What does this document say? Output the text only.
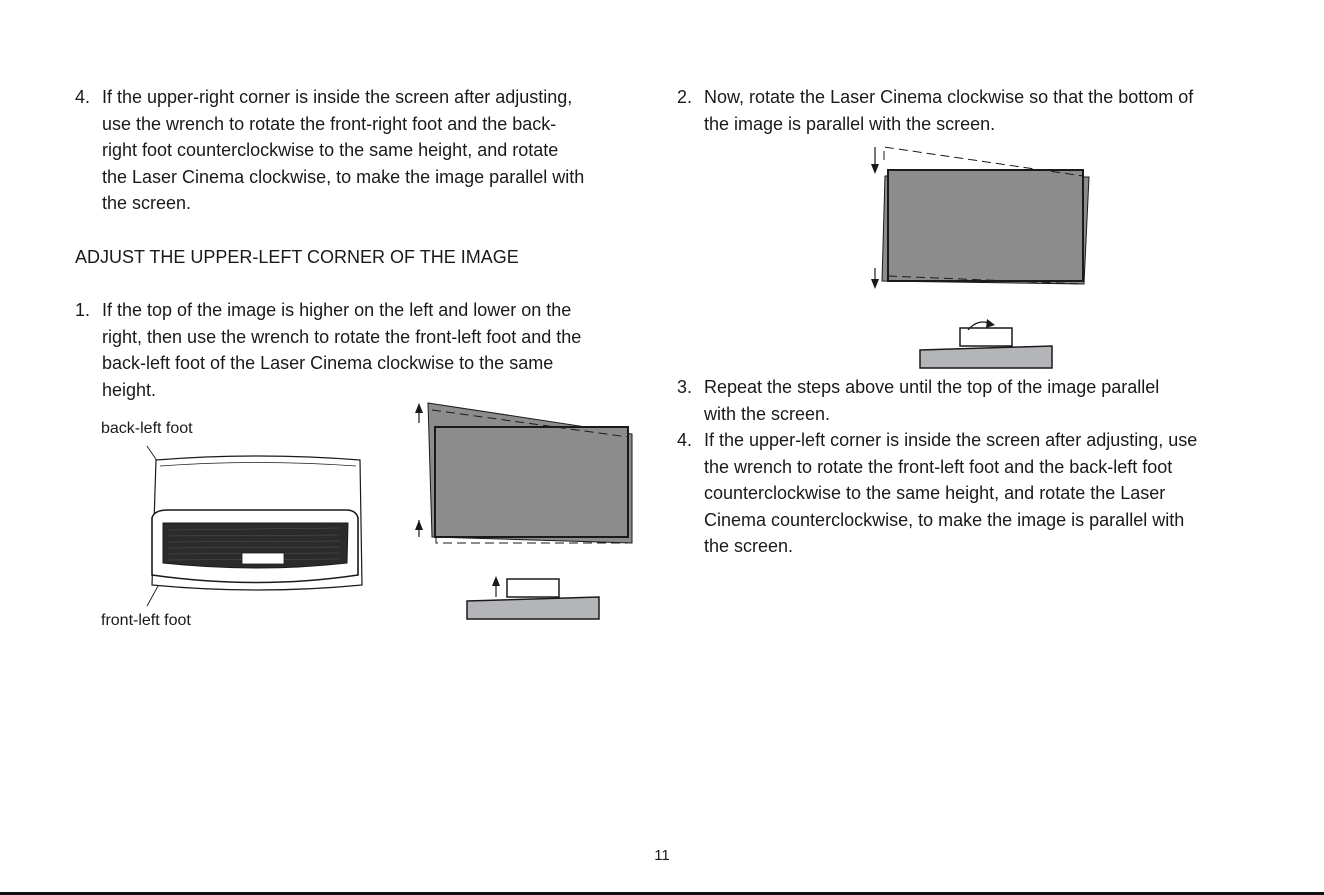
4. If the upper-right corner is inside the screen after adjusting,
use the wrench to rotate the front-right foot and the back-
right foot counterclockwise to the same height, and rotate
the Laser Cinema clockwise, to make the image parallel with
the screen.
ADJUST THE UPPER-LEFT CORNER OF THE IMAGE
1. If the top of the image is higher on the left and lower on the
right, then use the wrench to rotate the front-left foot and the
back-left foot of the Laser Cinema clockwise to the same
height.
2. Now, rotate the Laser Cinema clockwise so that the bottom of
the image is parallel with the screen.
3. Repeat the steps above until the top of the image parallel
with the screen.
4. If the upper-left corner is inside the screen after adjusting, use
the wrench to rotate the front-left foot and the back-left foot
counterclockwise to the same height, and rotate the Laser
Cinema counterclockwise, to make the image is parallel with
the screen.
back-left foot
front-left foot
11
